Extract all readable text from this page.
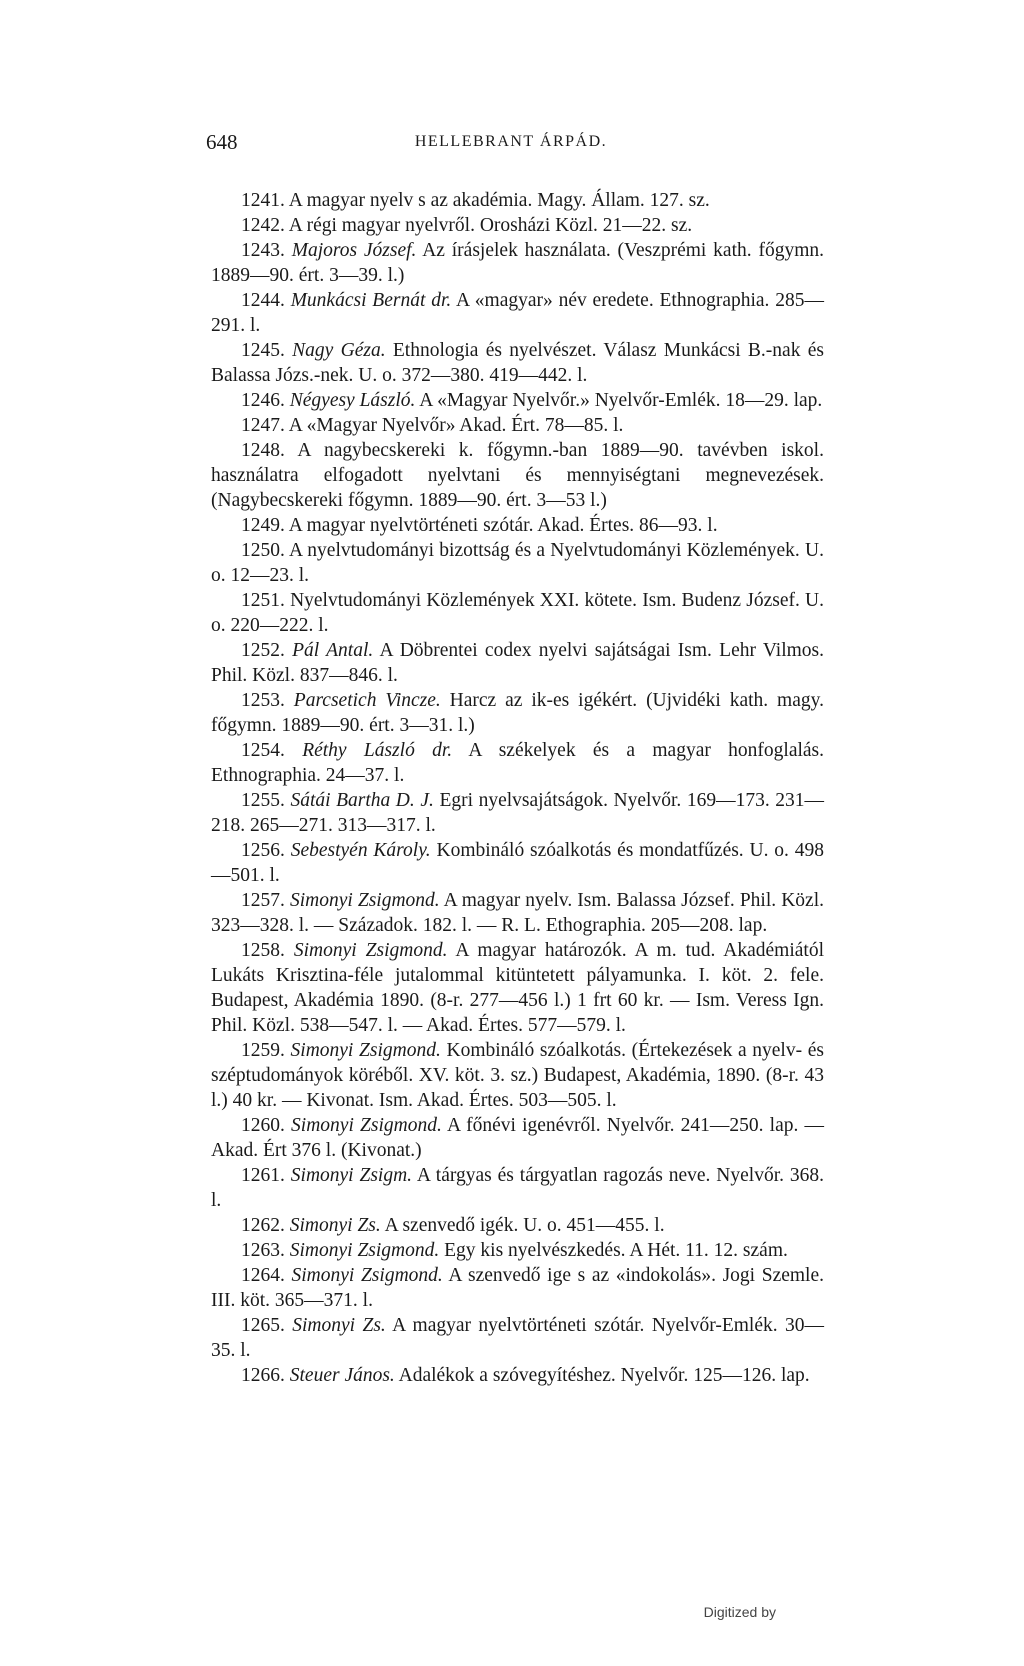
648	HELLEBRANT ÁRPÁD.

1241. A magyar nyelv s az akadémia. Magy. Állam. 127. sz.

1242. A régi magyar nyelvről. Orosházi Közl. 21—22. sz.

1243. Majoros József. Az írásjelek használata. (Veszprémi kath. főgymn. 1889—90. ért. 3—39. l.)

1244. Munkácsi Bernát dr. A «magyar» név eredete. Ethnographia. 285—291. l.

1245. Nagy Géza. Ethnologia és nyelvészet. Válasz Munkácsi B.-nak és Balassa Józs.-nek. U. o. 372—380. 419—442. l.

1246. Négyesy László. A «Magyar Nyelvőr.» Nyelvőr-Emlék. 18—29. lap.

1247. A «Magyar Nyelvőr» Akad. Ért. 78—85. l.

1248. A nagybecskereki k. főgymn.-ban 1889—90. tavévben iskol. használatra elfogadott nyelvtani és mennyiségtani megnevezések. (Nagybecskereki főgymn. 1889—90. ért. 3—53 l.)

1249. A magyar nyelvtörténeti szótár. Akad. Értes. 86—93. l.

1250. A nyelvtudományi bizottság és a Nyelvtudományi Közlemények. U. o. 12—23. l.

1251. Nyelvtudományi Közlemények XXI. kötete. Ism. Budenz József. U. o. 220—222. l.

1252. Pál Antal. A Döbrentei codex nyelvi sajátságai Ism. Lehr Vilmos. Phil. Közl. 837—846. l.

1253. Parcsetich Vincze. Harcz az ik-es igékért. (Ujvidéki kath. magy. főgymn. 1889—90. ért. 3—31. l.)

1254. Réthy László dr. A székelyek és a magyar honfoglalás. Ethnographia. 24—37. l.

1255. Sátái Bartha D. J. Egri nyelvsajátságok. Nyelvőr. 169—173. 231—218. 265—271. 313—317. l.

1256. Sebestyén Károly. Kombináló szóalkotás és mondatfűzés. U. o. 498—501. l.

1257. Simonyi Zsigmond. A magyar nyelv. Ism. Balassa József. Phil. Közl. 323—328. l. — Századok. 182. l. — R. L. Ethographia. 205—208. lap.

1258. Simonyi Zsigmond. A magyar határozók. A m. tud. Akadémiától Lukáts Krisztina-féle jutalommal kitüntetett pályamunka. I. köt. 2. fele. Budapest, Akadémia 1890. (8-r. 277—456 l.) 1 frt 60 kr. — Ism. Veress Ign. Phil. Közl. 538—547. l. — Akad. Értes. 577—579. l.

1259. Simonyi Zsigmond. Kombináló szóalkotás. (Értekezések a nyelv- és széptudományok köréből. XV. köt. 3. sz.) Budapest, Akadémia, 1890. (8-r. 43 l.) 40 kr. — Kivonat. Ism. Akad. Értes. 503—505. l.

1260. Simonyi Zsigmond. A főnévi igenévről. Nyelvőr. 241—250. lap. — Akad. Ért 376 l. (Kivonat.)

1261. Simonyi Zsigm. A tárgyas és tárgyatlan ragozás neve. Nyelvőr. 368. l.

1262. Simonyi Zs. A szenvedő igék. U. o. 451—455. l.

1263. Simonyi Zsigmond. Egy kis nyelvészkedés. A Hét. 11. 12. szám.

1264. Simonyi Zsigmond. A szenvedő ige s az «indokolás». Jogi Szemle. III. köt. 365—371. l.

1265. Simonyi Zs. A magyar nyelvtörténeti szótár. Nyelvőr-Emlék. 30—35. l.

1266. Steuer János. Adalékok a szóvegyítéshez. Nyelvőr. 125—126. lap.

Digitized by
